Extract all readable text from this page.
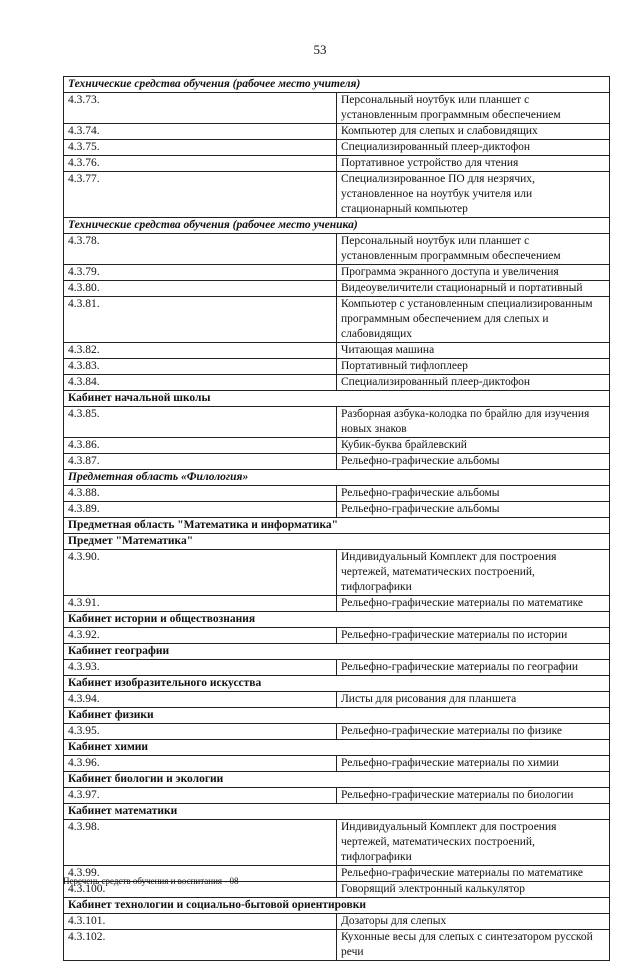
53
Технические средства обучения (рабочее место учителя)	
4.3.73.	Персональный ноутбук или планшет с установленным программным обеспечением
4.3.74.	Компьютер для слепых и слабовидящих
4.3.75.	Специализированный плеер-диктофон
4.3.76.	Портативное устройство для чтения
4.3.77.	Специализированное ПО для незрячих, установленное на ноутбук учителя или стационарный компьютер
Технические средства обучения (рабочее место ученика)	
4.3.78.	Персональный ноутбук или планшет с установленным программным обеспечением
4.3.79.	Программа экранного доступа и увеличения
4.3.80.	Видеоувеличители стационарный и портативный
4.3.81.	Компьютер с установленным специализированным программным обеспечением для слепых и слабовидящих
4.3.82.	Читающая машина
4.3.83.	Портативный тифлоплеер
4.3.84.	Специализированный плеер-диктофон
Кабинет начальной школы	
4.3.85.	Разборная азбука-колодка по брайлю для изучения новых знаков
4.3.86.	Кубик-буква брайлевский
4.3.87.	Рельефно-графические альбомы
Предметная область «Филология»	
4.3.88.	Рельефно-графические альбомы
4.3.89.	Рельефно-графические альбомы
Предметная область "Математика и информатика"	
Предмет "Математика"	
4.3.90.	Индивидуальный Комплект для построения чертежей, математических построений, тифлографики
4.3.91.	Рельефно-графические материалы по математике
Кабинет истории и обществознания	
4.3.92.	Рельефно-графические материалы по истории
Кабинет географии	
4.3.93.	Рельефно-графические материалы по географии
Кабинет изобразительного искусства	
4.3.94.	Листы для рисования для планшета
Кабинет физики	
4.3.95.	Рельефно-графические материалы по физике
Кабинет химии	
4.3.96.	Рельефно-графические материалы по химии
Кабинет биологии и экологии	
4.3.97.	Рельефно-графические материалы по биологии
Кабинет математики	
4.3.98.	Индивидуальный Комплект для построения чертежей, математических построений, тифлографики
4.3.99.	Рельефно-графические материалы по математике
4.3.100.	Говорящий электронный калькулятор
Кабинет технологии и социально-бытовой ориентировки	
4.3.101.	Дозаторы для слепых
4.3.102.	Кухонные весы для слепых с синтезатором русской речи
Перечень средств обучения и воспитания - 08
